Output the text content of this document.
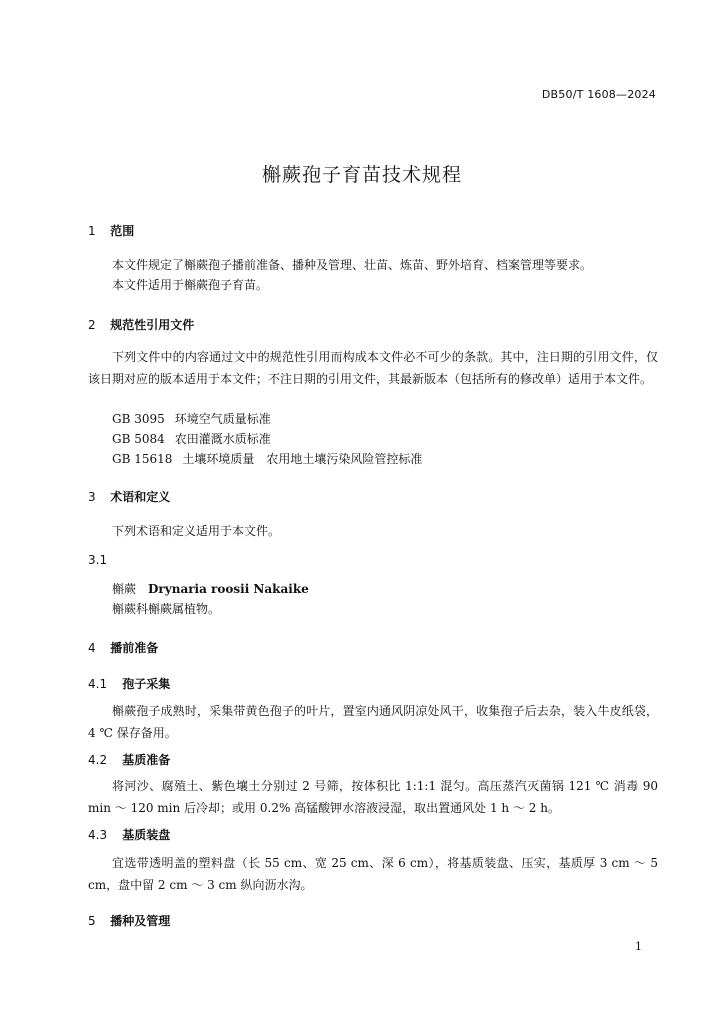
DB50/T 1608—2024
槲蕨孢子育苗技术规程
1 范围
本文件规定了槲蕨孢子播前准备、播种及管理、壮苗、炼苗、野外培育、档案管理等要求。
本文件适用于槲蕨孢子育苗。
2 规范性引用文件
下列文件中的内容通过文中的规范性引用而构成本文件必不可少的条款。其中，注日期的引用文件，仅该日期对应的版本适用于本文件；不注日期的引用文件，其最新版本（包括所有的修改单）适用于本文件。
GB 3095 环境空气质量标准
GB 5084 农田灌溉水质标准
GB 15618 土壤环境质量　农用地土壤污染风险管控标准
3 术语和定义
下列术语和定义适用于本文件。
3.1
槲蕨 Drynaria roosii Nakaike
槲蕨科槲蕨属植物。
4 播前准备
4.1 孢子采集
槲蕨孢子成熟时，采集带黄色孢子的叶片，置室内通风阴凉处风干，收集孢子后去杂，装入牛皮纸袋，4 ℃ 保存备用。
4.2 基质准备
将河沙、腐殖土、紫色壤土分别过 2 号筛，按体积比 1:1:1 混匀。高压蒸汽灭菌锅 121 ℃ 消毒 90 min ～ 120 min 后冷却；或用 0.2% 高锰酸钾水溶液浸湿，取出置通风处 1 h ～ 2 h。
4.3 基质装盘
宜选带透明盖的塑料盘（长 55 cm、宽 25 cm、深 6 cm），将基质装盘、压实，基质厚 3 cm ～ 5 cm，盘中留 2 cm ～ 3 cm 纵向沥水沟。
5 播种及管理
1
